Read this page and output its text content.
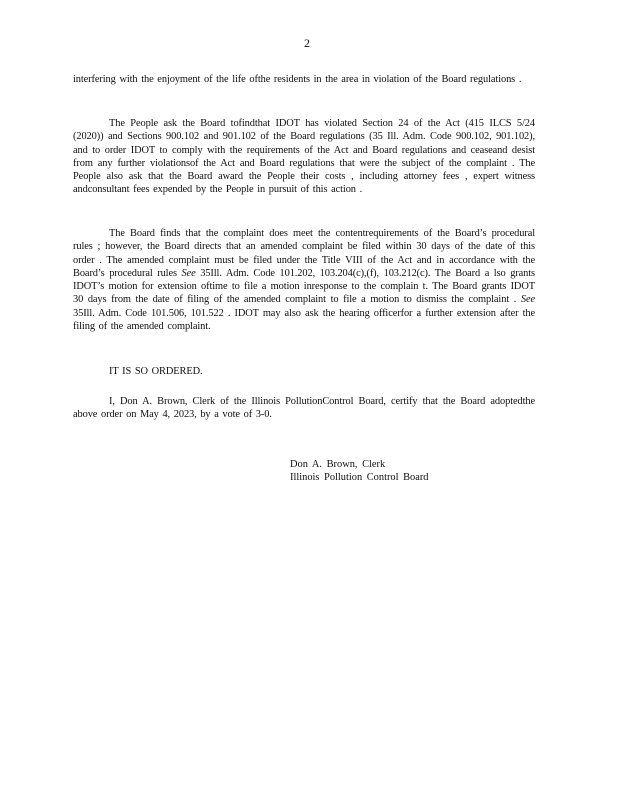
2

interfering with the enjoyment of the life ofthe residents in the area in violation of the Board regulations .

The People ask the Board tofindthat IDOT has violated Section 24 of the Act (415 ILCS 5/24 (2020)) and Sections 900.102 and 901.102 of the Board regulations (35 Ill. Adm. Code 900.102, 901.102), and to order IDOT to comply with the requirements of the Act and Board regulations and ceaseand desist from any further violationsof the Act and Board regulations that were the subject of the complaint . The People also ask that the Board award the People their costs , including attorney fees , expert witness andconsultant fees expended by the People in pursuit of this action .

The Board finds that the complaint does meet the contentrequirements of the Board’s procedural rules ; however, the Board directs that an amended complaint be filed within 30 days of the date of this order . The amended complaint must be filed under the Title VIII of the Act and in accordance with the Board’s procedural rules See 35Ill. Adm. Code 101.202, 103.204(c),(f), 103.212(c). The Board a lso grants IDOT’s motion for extension oftime to file a motion inresponse to the complain t. The Board grants IDOT 30 days from the date of filing of the amended complaint to file a motion to dismiss the complaint . See 35Ill. Adm. Code 101.506, 101.522 . IDOT may also ask the hearing officerfor a further extension after the filing of the amended complaint.

IT IS SO ORDERED.

I, Don A. Brown, Clerk of the Illinois PollutionControl Board, certify that the Board adoptedthe above order on May 4, 2023, by a vote of 3-0.

Don A. Brown, Clerk
Illinois Pollution Control Board
